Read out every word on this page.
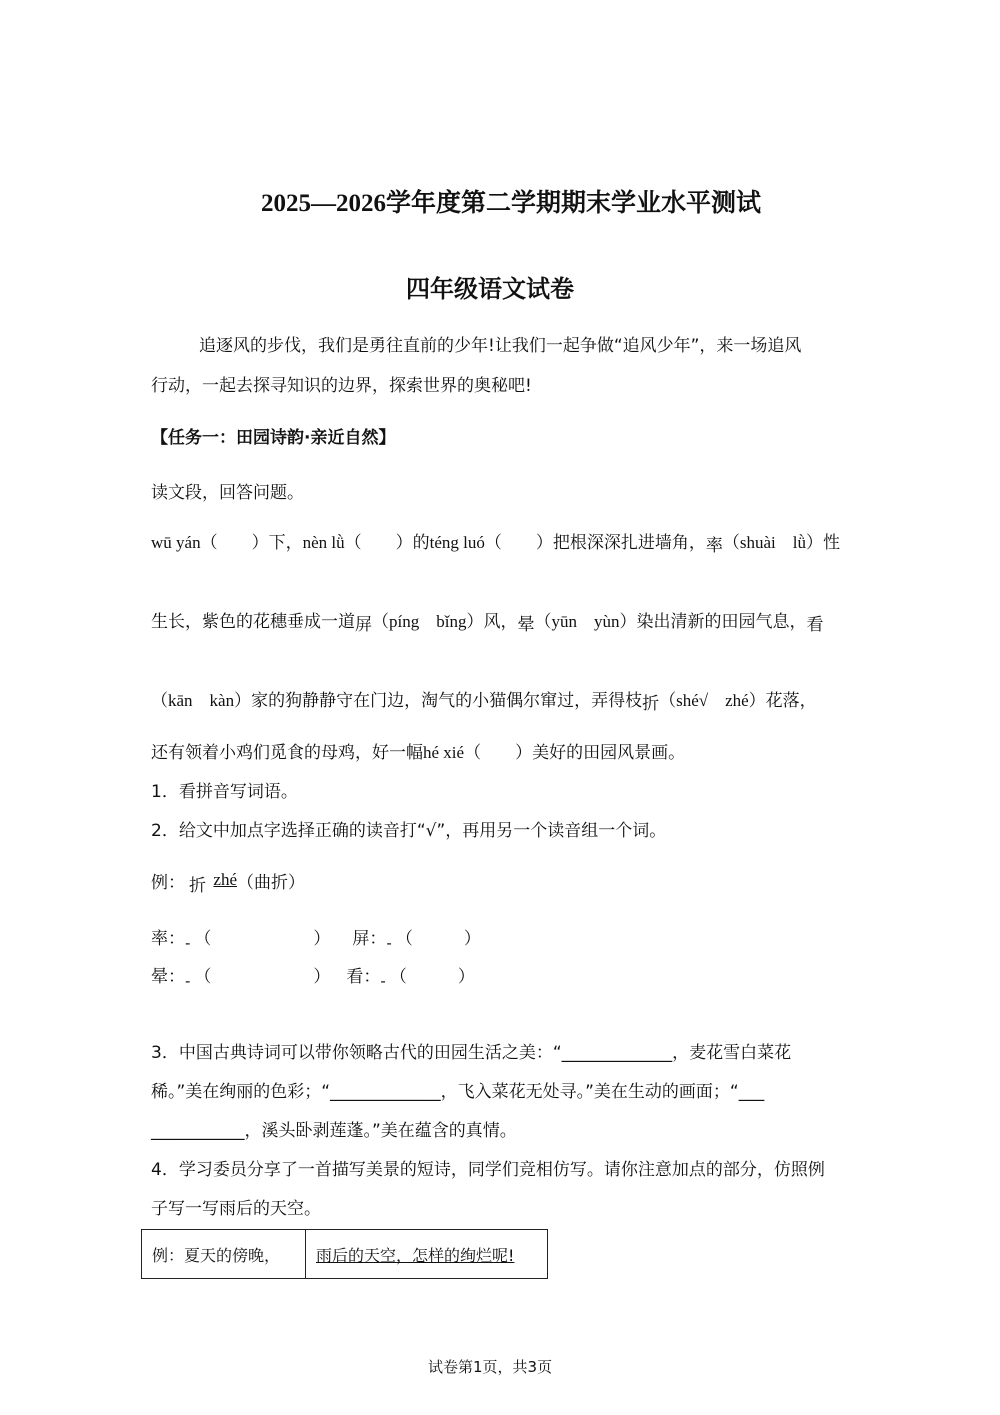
2025—2026学年度第二学期期末学业水平测试
四年级语文试卷
追逐风的步伐，我们是勇往直前的少年!让我们一起争做“追风少年”，来一场追风
行动，一起去探寻知识的边界，探索世界的奥秘吧!
【任务一：田园诗韵·亲近自然】
读文段，回答问题。
wū yán（　　）下，nèn lǜ（　　）的téng luó（　　）把根深深扎进墙角，率（shuài　lǜ）性
生长，紫色的花穗垂成一道屏（píng　bǐng）风，晕（yūn　yùn）染出清新的田园气息，看
（kān　kàn）家的狗静静守在门边，淘气的小猫偶尔窜过，弄得枝折（shé√　zhé）花落，
还有领着小鸡们觅食的母鸡，好一幅hé xié（　　）美好的田园风景画。
1．看拼音写词语。
2．给文中加点字选择正确的读音打“√”，再用另一个读音组一个词。
例： 折 zhé（曲折）
率：- （　　　　　　） 屏：- （　　　）
晕：- （　　　　　　） 看：- （　　　）
3．中国古典诗词可以带你领略古代的田园生活之美：“_____________，麦花雪白菜花
稀。”美在绚丽的色彩；“_____________，飞入菜花无处寻。”美在生动的画面；“___
___________，溪头卧剥莲蓬。”美在蕴含的真情。
4．学习委员分享了一首描写美景的短诗，同学们竞相仿写。请你注意加点的部分，仿照例
子写一写雨后的天空。
例：夏天的傍晚，	雨后的天空，怎样的绚烂呢!
试卷第1页，共3页
